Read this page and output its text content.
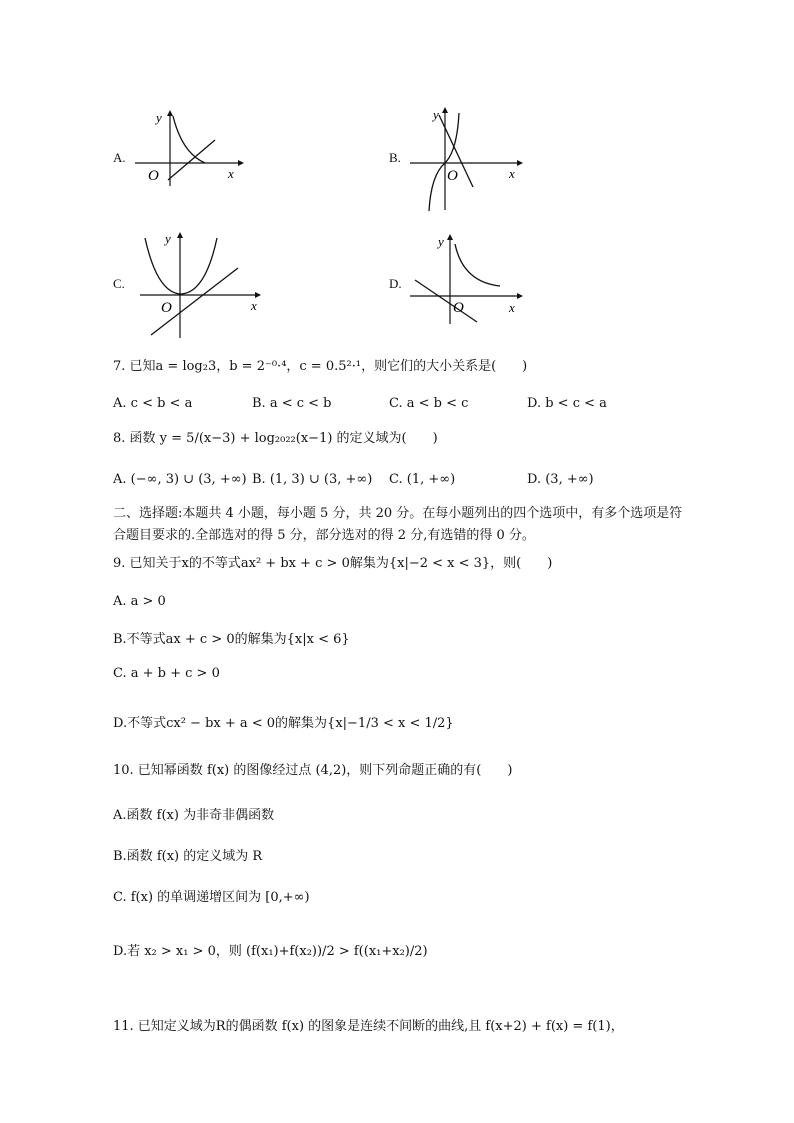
A.
x
y
O
B.
x
y
O
C.
x
y
O
D.
x
y
O
7. 已知a = log₂3，b = 2⁻⁰·⁴，c = 0.5²·¹，则它们的大小关系是(　　)
A. c < b < a	B. a < c < b	C. a < b < c	D. b < c < a
8. 函数 y = 5/(x−3) + log₂₀₂₂(x−1) 的定义域为(　　)
A. (−∞, 3) ∪ (3, +∞) B. (1, 3) ∪ (3, +∞) C. (1, +∞)	D. (3, +∞)
二、选择题:本题共 4 小题，每小题 5 分，共 20 分。在每小题列出的四个选项中，有多个选项是符合题目要求的.全部选对的得 5 分，部分选对的得 2 分,有选错的得 0 分。
9. 已知关于x的不等式ax² + bx + c > 0解集为{x|−2 < x < 3}，则(　　)
A. a > 0
B.不等式ax + c > 0的解集为{x|x < 6}
C. a + b + c > 0
D.不等式cx² − bx + a < 0的解集为{x|−1/3 < x < 1/2}
10. 已知幂函数 f(x) 的图像经过点 (4,2)，则下列命题正确的有(　　)
A.函数 f(x) 为非奇非偶函数
B.函数 f(x) 的定义域为 R
C. f(x) 的单调递增区间为 [0,+∞)
D.若 x₂ > x₁ > 0，则 (f(x₁)+f(x₂))/2 > f((x₁+x₂)/2)
11. 已知定义域为R的偶函数 f(x) 的图象是连续不间断的曲线,且 f(x+2) + f(x) = f(1)，
